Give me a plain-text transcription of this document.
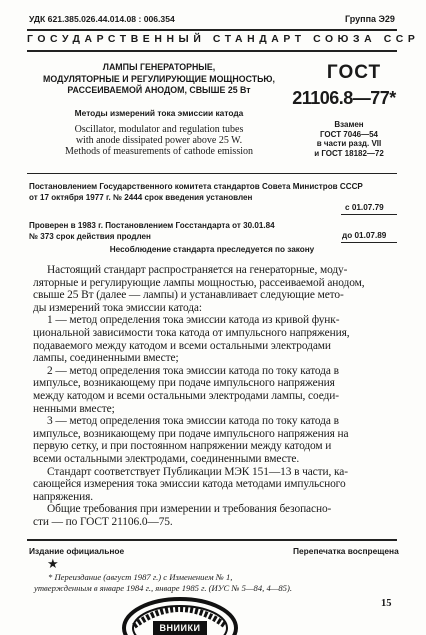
УДК 621.385.026.44.014.08 : 006.354	Группа Э29
ГОСУДАРСТВЕННЫЙ СТАНДАРТ СОЮЗА ССР

ЛАМПЫ ГЕНЕРАТОРНЫЕ,

МОДУЛЯТОРНЫЕ И РЕГУЛИРУЮЩИЕ МОЩНОСТЬЮ,

РАССЕИВАЕМОЙ АНОДОМ, СВЫШЕ 25 Вт

Методы измерений тока эмиссии катода

Oscillator, modulator and regulation tubes

with anode dissipated power above 25 W.

Methods of measurements of cathode emission

ГОСТ
21106.8—77*

Взамен

ГОСТ 7046—54

в части разд. VII

и ГОСТ 18182—72

Постановлением Государственного комитета стандартов Совета Министров СССР

от 17 октября 1977 г. № 2444 срок введения установлен

с 01.07.79

Проверен в 1983 г. Постановлением Госстандарта от 30.01.84

№ 373 срок действия продлен	до 01.07.89
Несоблюдение стандарта преследуется по закону

Настоящий стандарт распространяется на генераторные, моду-

ляторные и регулирующие лампы мощностью, рассеиваемой анодом,

свыше 25 Вт (далее — лампы) и устанавливает следующие мето-

ды измерений тока эмиссии катода:

1 — метод определения тока эмиссии катода из кривой функ-

циональной зависимости тока катода от импульсного напряжения,

подаваемого между катодом и всеми остальными электродами

лампы, соединенными вместе;

2 — метод определения тока эмиссии катода по току катода в

импульсе, возникающему при подаче импульсного напряжения

между катодом и всеми остальными электродами лампы, соеди-

ненными вместе;

3 — метод определения тока эмиссии катода по току катода в

импульсе, возникающему при подаче импульсного напряжения на

первую сетку, и при постоянном напряжении между катодом и

всеми остальными электродами, соединенными вместе.

Стандарт соответствует Публикации МЭК 151—13 в части, ка-

сающейся измерения тока эмиссии катода методами импульсного

напряжения.

Общие требования при измерении и требования безопасно-

сти — по ГОСТ 21106.0—75.

Издание официальное	Перепечатка воспрещена
★

* Переиздание (август 1987 г.) с Изменением № 1,

утвержденным в январе 1984 г., январе 1985 г. (ИУС № 5—84, 4—85).

15
ВНИИКИ
